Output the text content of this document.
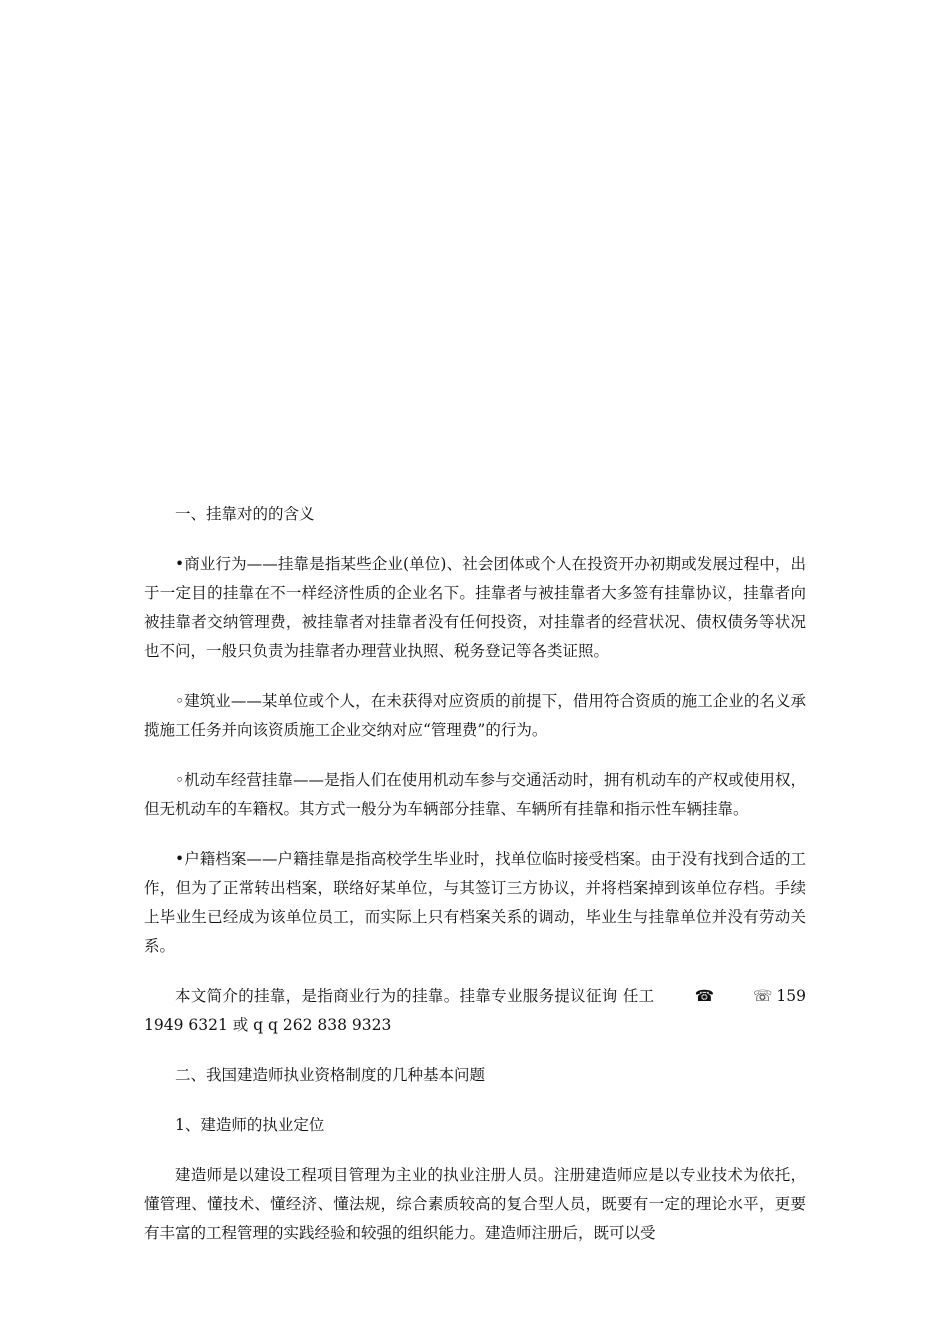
一、挂靠对的的含义

•商业行为——挂靠是指某些企业(单位)、社会团体或个人在投资开办初期或发展过程中，出于一定目的挂靠在不一样经济性质的企业名下。挂靠者与被挂靠者大多签有挂靠协议，挂靠者向被挂靠者交纳管理费，被挂靠者对挂靠者没有任何投资，对挂靠者的经营状况、债权债务等状况也不问，一般只负责为挂靠者办理营业执照、税务登记等各类证照。

◦建筑业——某单位或个人，在未获得对应资质的前提下，借用符合资质的施工企业的名义承揽施工任务并向该资质施工企业交纳对应“管理费”的行为。

◦机动车经营挂靠——是指人们在使用机动车参与交通活动时，拥有机动车的产权或使用权，但无机动车的车籍权。其方式一般分为车辆部分挂靠、车辆所有挂靠和指示性车辆挂靠。

•户籍档案——户籍挂靠是指高校学生毕业时，找单位临时接受档案。由于没有找到合适的工作，但为了正常转出档案，联络好某单位，与其签订三方协议，并将档案掉到该单位存档。手续上毕业生已经成为该单位员工，而实际上只有档案关系的调动，毕业生与挂靠单位并没有劳动关系。

本文简介的挂靠，是指商业行为的挂靠。挂靠专业服务提议征询 任工	☎	☏ 159 1949 6321 或 q q 262 838 9323

二、我国建造师执业资格制度的几种基本问题

1、建造师的执业定位

建造师是以建设工程项目管理为主业的执业注册人员。注册建造师应是以专业技术为依托，懂管理、懂技术、懂经济、懂法规，综合素质较高的复合型人员，既要有一定的理论水平，更要有丰富的工程管理的实践经验和较强的组织能力。建造师注册后，既可以受
